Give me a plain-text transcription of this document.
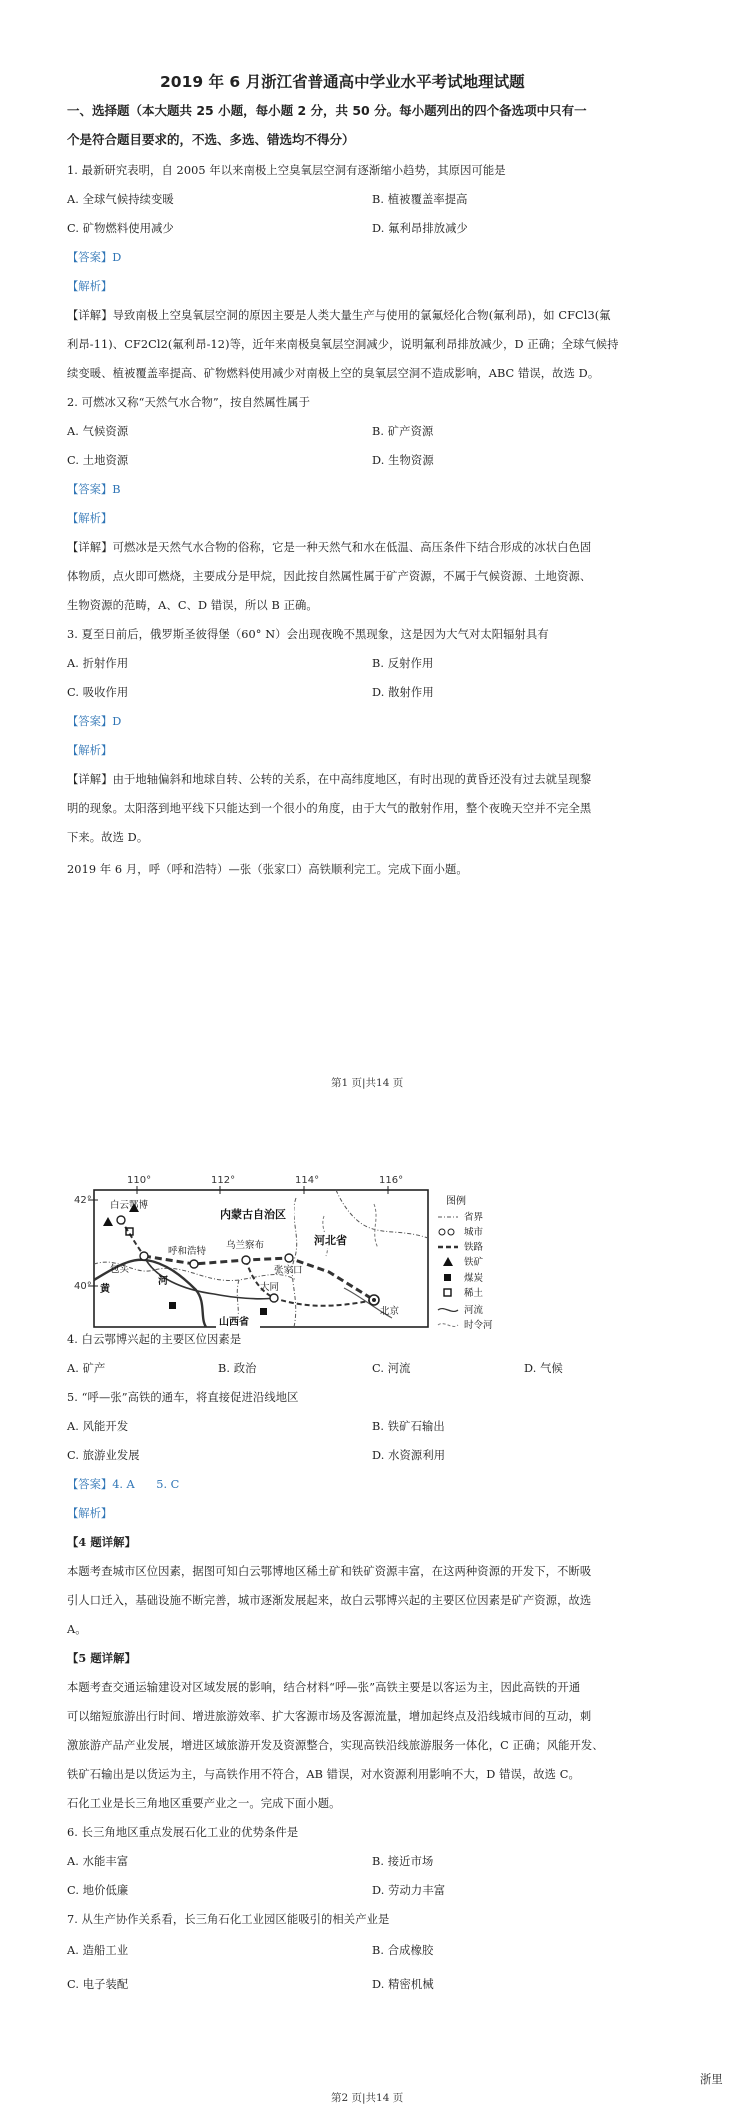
2019 年 6 月浙江省普通高中学业水平考试地理试题
一、选择题（本大题共 25 小题，每小题 2 分，共 50 分。每小题列出的四个备选项中只有一
个是符合题目要求的，不选、多选、错选均不得分）
1. 最新研究表明，自 2005 年以来南极上空臭氧层空洞有逐渐缩小趋势，其原因可能是
A. 全球气候持续变暖	B. 植被覆盖率提高
C. 矿物燃料使用减少	D. 氟利昂排放减少
【答案】D
【解析】
【详解】导致南极上空臭氧层空洞的原因主要是人类大量生产与使用的氯氟烃化合物(氟利昂)，如 CFCl3(氟
利昂-11)、CF2Cl2(氟利昂-12)等，近年来南极臭氧层空洞减少，说明氟利昂排放减少，D 正确；全球气候持
续变暖、植被覆盖率提高、矿物燃料使用减少对南极上空的臭氧层空洞不造成影响，ABC 错误，故选 D。
2. 可燃冰又称“天然气水合物”，按自然属性属于
A. 气候资源	B. 矿产资源
C. 土地资源	D. 生物资源
【答案】B
【解析】
【详解】可燃冰是天然气水合物的俗称，它是一种天然气和水在低温、高压条件下结合形成的冰状白色固
体物质，点火即可燃烧，主要成分是甲烷，因此按自然属性属于矿产资源，不属于气候资源、土地资源、
生物资源的范畴，A、C、D 错误，所以 B 正确。
3. 夏至日前后，俄罗斯圣彼得堡（60° N）会出现夜晚不黑现象，这是因为大气对太阳辐射具有
A. 折射作用	B. 反射作用
C. 吸收作用	D. 散射作用
【答案】D
【解析】
【详解】由于地轴偏斜和地球自转、公转的关系，在中高纬度地区，有时出现的黄昏还没有过去就呈现黎
明的现象。太阳落到地平线下只能达到一个很小的角度，由于大气的散射作用，整个夜晚天空并不完全黑
下来。故选 D。
2019 年 6 月，呼（呼和浩特）—张（张家口）高铁顺利完工。完成下面小题。
第1 页|共14 页
110°	112°	114°	116°
42°
40°
内蒙古自治区
河北省
山西省
白云鄂博
呼和浩特
乌兰察布
张家口
大同
包头
北京
黄
河
图例
省界
城市
铁路
铁矿
煤炭
稀土
河流
时令河
4. 白云鄂博兴起的主要区位因素是
A. 矿产	B. 政治	C. 河流	D. 气候
5. “呼—张”高铁的通车，将直接促进沿线地区
A. 风能开发	B. 铁矿石输出
C. 旅游业发展	D. 水资源利用
【答案】4. A      5. C
【解析】
【4 题详解】
本题考查城市区位因素，据图可知白云鄂博地区稀土矿和铁矿资源丰富，在这两种资源的开发下，不断吸
引人口迁入，基础设施不断完善，城市逐渐发展起来，故白云鄂博兴起的主要区位因素是矿产资源，故选
A。
【5 题详解】
本题考查交通运输建设对区域发展的影响，结合材料“呼—张”高铁主要是以客运为主，因此高铁的开通
可以缩短旅游出行时间、增进旅游效率、扩大客源市场及客源流量，增加起终点及沿线城市间的互动，刺
激旅游产品产业发展，增进区域旅游开发及资源整合，实现高铁沿线旅游服务一体化，C 正确；风能开发、
铁矿石输出是以货运为主，与高铁作用不符合，AB 错误，对水资源利用影响不大，D 错误，故选 C。
石化工业是长三角地区重要产业之一。完成下面小题。
6. 长三角地区重点发展石化工业的优势条件是
A. 水能丰富	B. 接近市场
C. 地价低廉	D. 劳动力丰富
7. 从生产协作关系看，长三角石化工业园区能吸引的相关产业是
A. 造船工业	B. 合成橡胶
C. 电子装配	D. 精密机械
浙里
第2 页|共14 页
